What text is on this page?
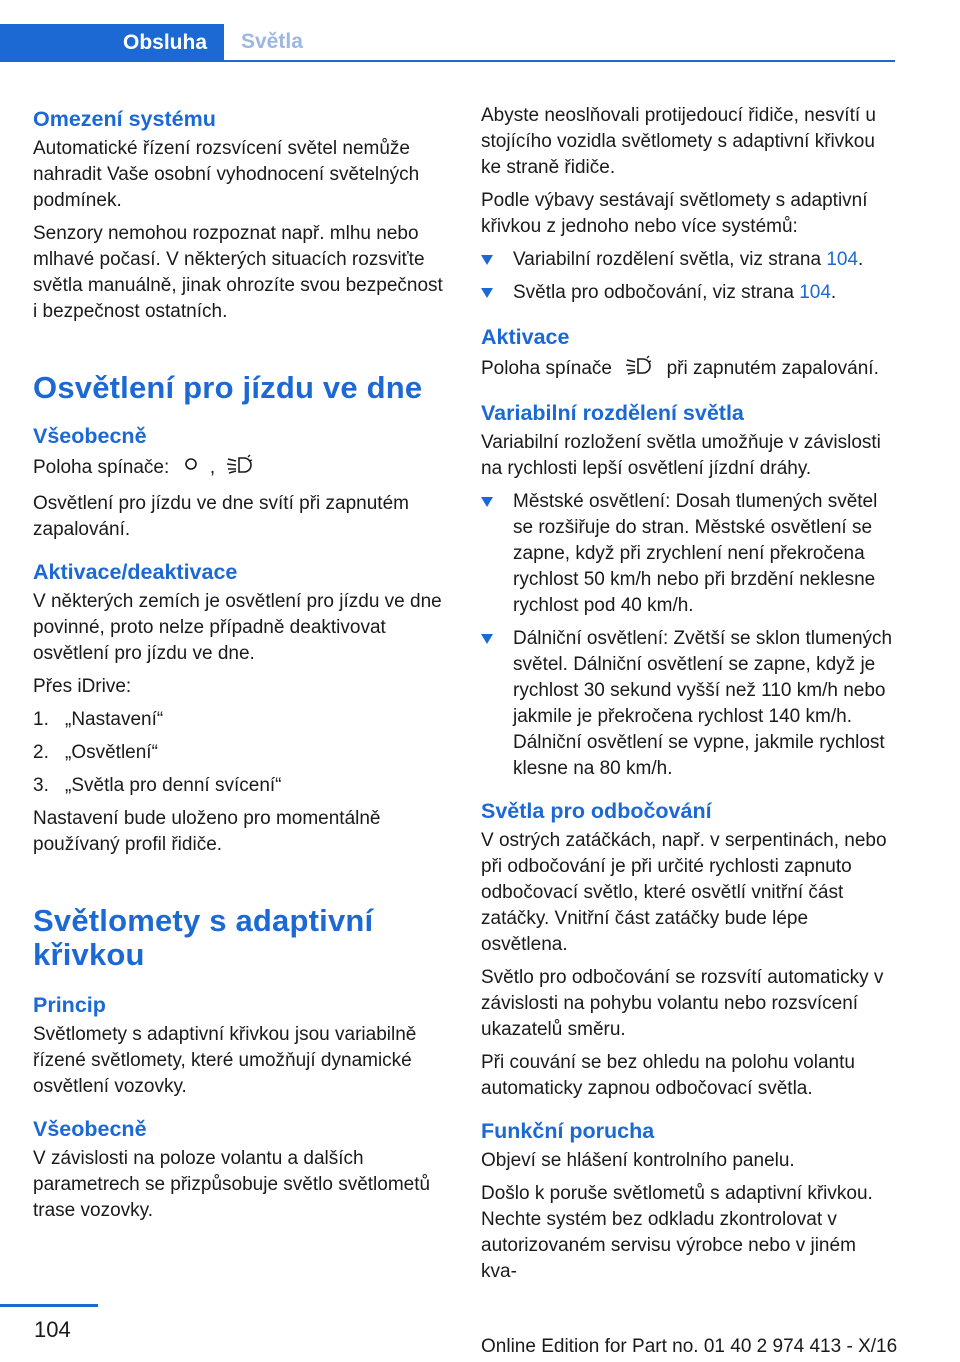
Obsluha Světla
Omezení systému

Automatické řízení rozsvícení světel nemůže nahradit Vaše osobní vyhodnocení světelných podmínek.

Senzory nemohou rozpoznat např. mlhu nebo mlhavé počasí. V některých situacích rozsviťte světla manuálně, jinak ohrozíte svou bezpečnost i bezpečnost ostatních.

Osvětlení pro jízdu ve dne
Všeobecně

Poloha spínače: ,

Osvětlení pro jízdu ve dne svítí při zapnutém zapalování.

Aktivace/deaktivace

V některých zemích je osvětlení pro jízdu ve dne povinné, proto nelze případně deaktivovat osvětlení pro jízdu ve dne.

Přes iDrive:

1. „Nastavení“
2. „Osvětlení“
3. „Světla pro denní svícení“

Nastavení bude uloženo pro momentálně používaný profil řidiče.

Světlomety s adaptivní
křivkou
Princip

Světlomety s adaptivní křivkou jsou variabilně řízené světlomety, které umožňují dynamické osvětlení vozovky.

Všeobecně

V závislosti na poloze volantu a dalších parametrech se přizpůsobuje světlo světlometů trase vozovky.

Abyste neoslňovali protijedoucí řidiče, nesvítí u stojícího vozidla světlomety s adaptivní křivkou ke straně řidiče.

Podle výbavy sestávají světlomety s adaptivní křivkou z jednoho nebo více systémů:

Variabilní rozdělení světla, viz strana 104.
Světla pro odbočování, viz strana 104.
Aktivace

Poloha spínače	při zapnutém zapalování.

Variabilní rozdělení světla

Variabilní rozložení světla umožňuje v závislosti na rychlosti lepší osvětlení jízdní dráhy.

Městské osvětlení: Dosah tlumených světel se rozšiřuje do stran. Městské osvětlení se zapne, když při zrychlení není překročena rychlost 50 km/h nebo při brzdění neklesne rychlost pod 40 km/h.
Dálniční osvětlení: Zvětší se sklon tlumených světel. Dálniční osvětlení se zapne, když je rychlost 30 sekund vyšší než 110 km/h nebo jakmile je překročena rychlost 140 km/h. Dálniční osvětlení se vypne, jakmile rychlost klesne na 80 km/h.
Světla pro odbočování

V ostrých zatáčkách, např. v serpentinách, nebo při odbočování je při určité rychlosti zapnuto odbočovací světlo, které osvětlí vnitřní část zatáčky. Vnitřní část zatáčky bude lépe osvětlena.

Světlo pro odbočování se rozsvítí automaticky v závislosti na pohybu volantu nebo rozsvícení ukazatelů směru.

Při couvání se bez ohledu na polohu volantu automaticky zapnou odbočovací světla.

Funkční porucha

Objeví se hlášení kontrolního panelu.

Došlo k poruše světlometů s adaptivní křivkou. Nechte systém bez odkladu zkontrolovat v autorizovaném servisu výrobce nebo v jiném kva-

104
Online Edition for Part no. 01 40 2 974 413 - X/16
